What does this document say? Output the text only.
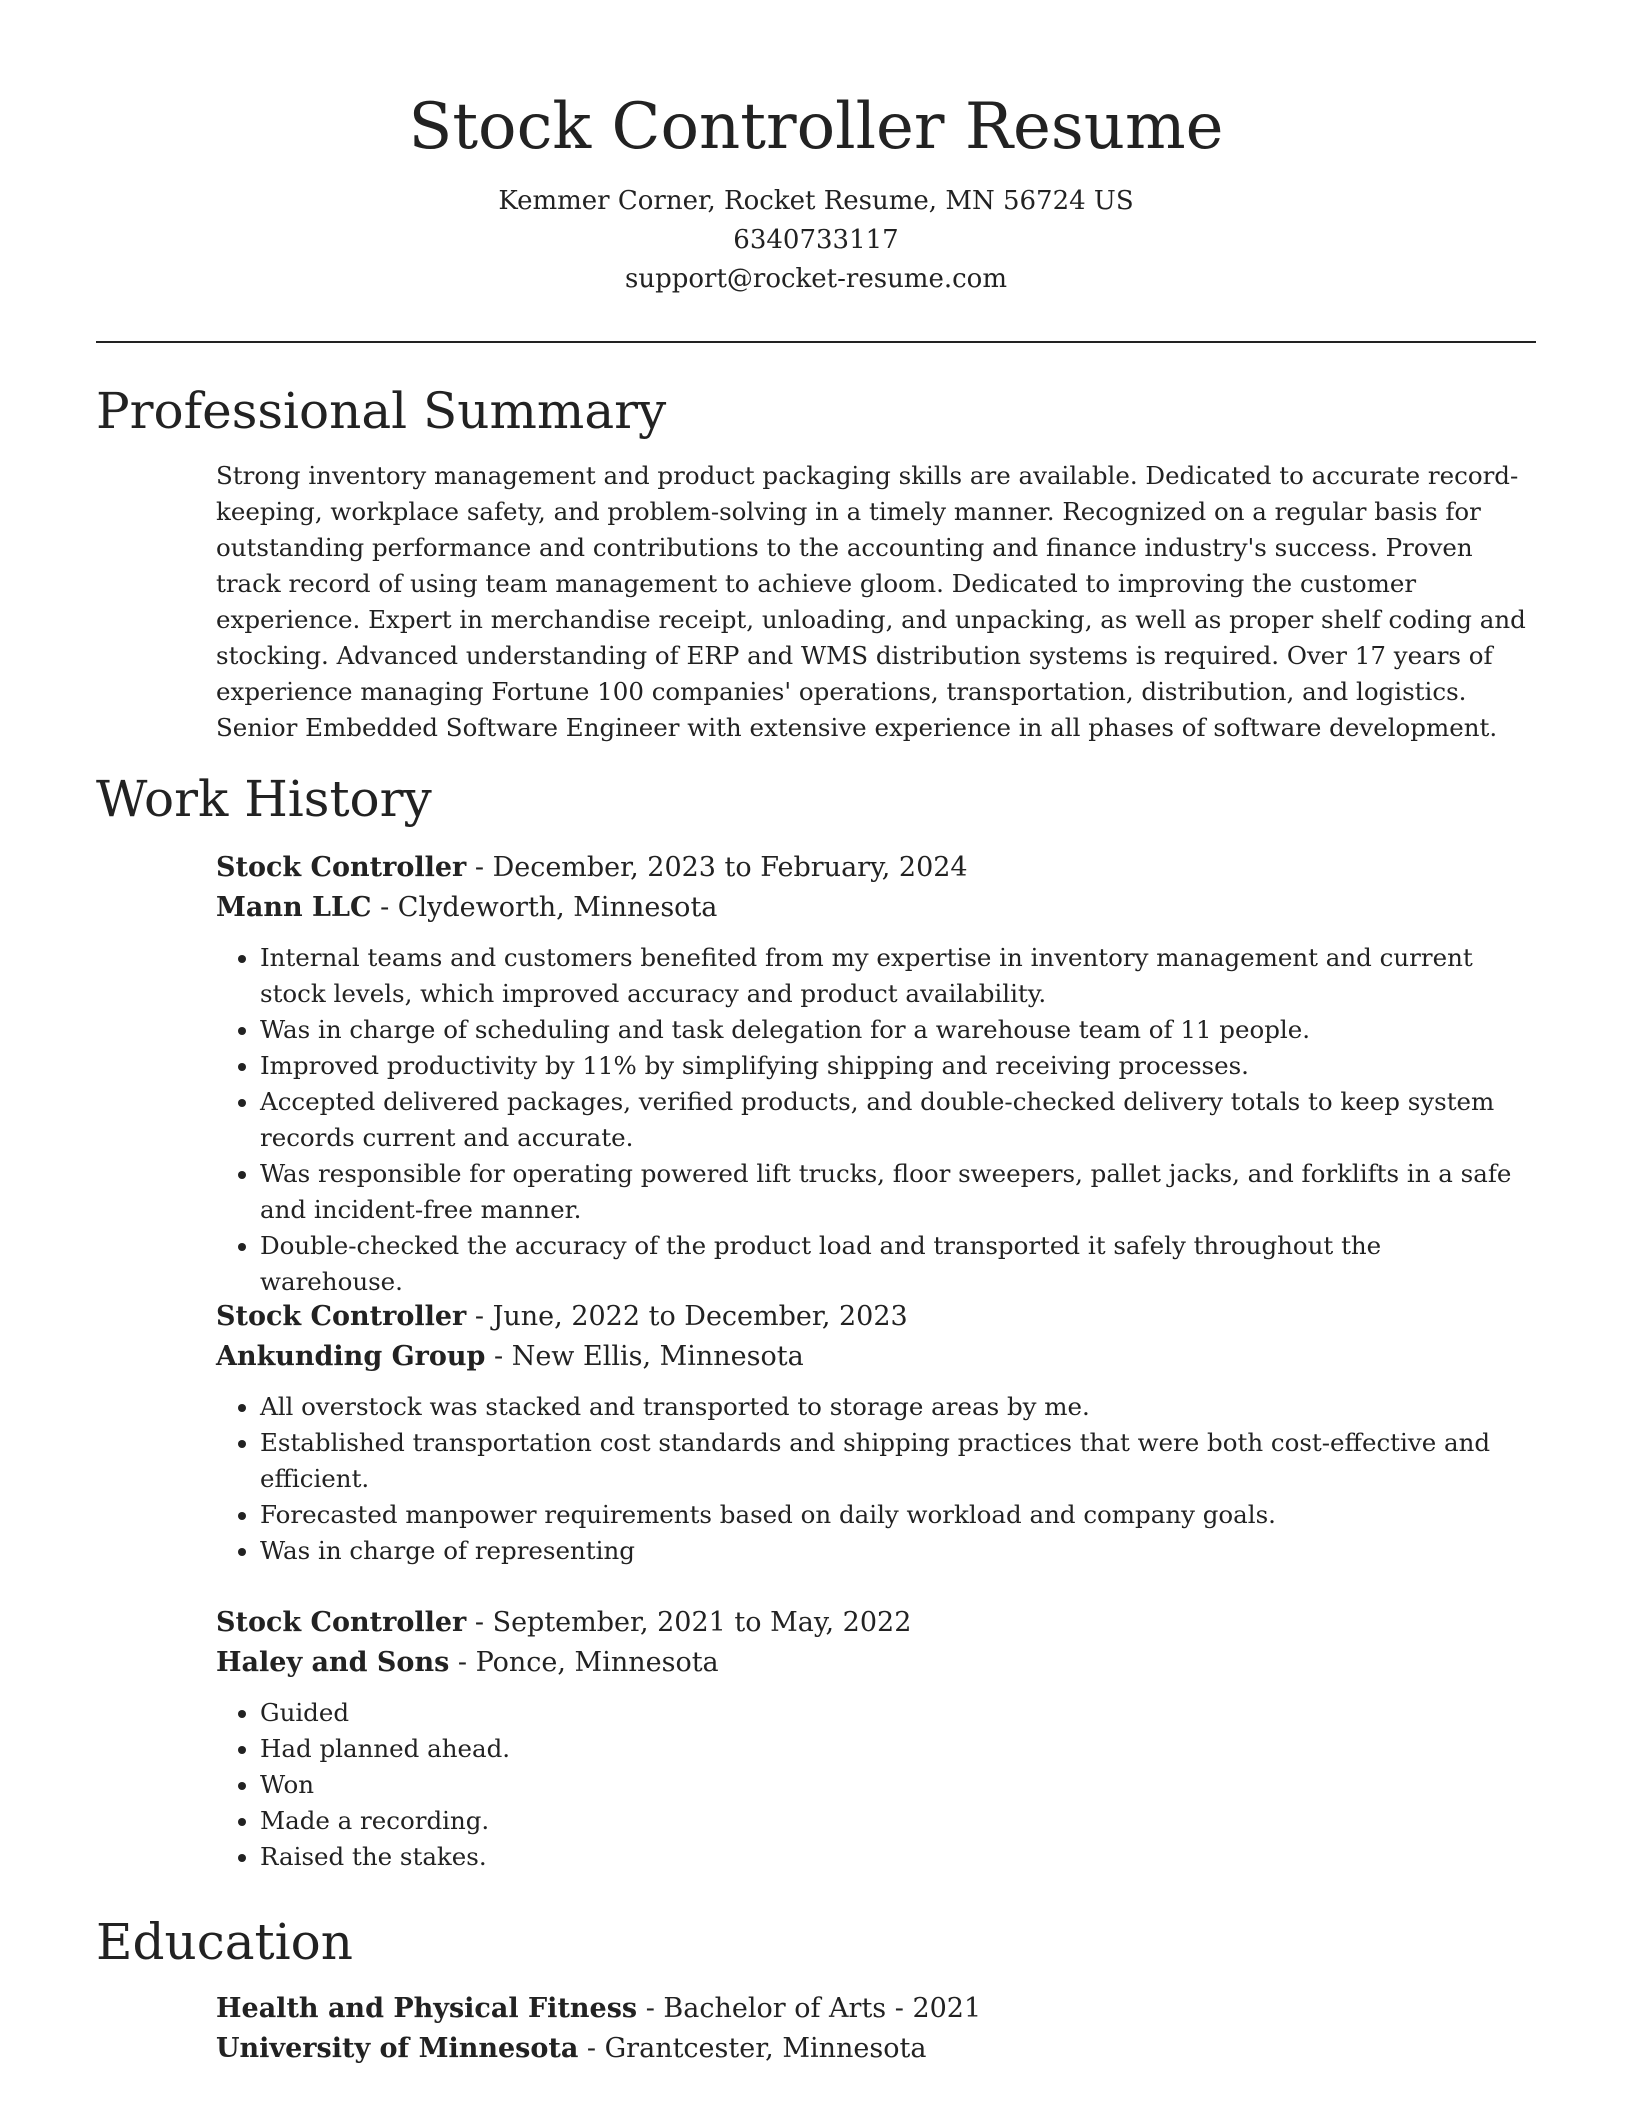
Stock Controller Resume
Kemmer Corner, Rocket Resume, MN 56724 US
6340733117
support@rocket-resume.com
Professional Summary

Strong inventory management and product packaging skills are available. Dedicated to accurate record-keeping, workplace safety, and problem-solving in a timely manner. Recognized on a regular basis for outstanding performance and contributions to the accounting and finance industry's success. Proven track record of using team management to achieve gloom. Dedicated to improving the customer experience. Expert in merchandise receipt, unloading, and unpacking, as well as proper shelf coding and stocking. Advanced understanding of ERP and WMS distribution systems is required. Over 17 years of experience managing Fortune 100 companies' operations, transportation, distribution, and logistics. Senior Embedded Software Engineer with extensive experience in all phases of software development.

Work History
Stock Controller - December, 2023 to February, 2024
Mann LLC - Clydeworth, Minnesota
• Internal teams and customers benefited from my expertise in inventory management and current stock levels, which improved accuracy and product availability.
• Was in charge of scheduling and task delegation for a warehouse team of 11 people.
• Improved productivity by 11% by simplifying shipping and receiving processes.
• Accepted delivered packages, verified products, and double-checked delivery totals to keep system records current and accurate.
• Was responsible for operating powered lift trucks, floor sweepers, pallet jacks, and forklifts in a safe and incident-free manner.
• Double-checked the accuracy of the product load and transported it safely throughout the warehouse.
Stock Controller - June, 2022 to December, 2023
Ankunding Group - New Ellis, Minnesota
• All overstock was stacked and transported to storage areas by me.
• Established transportation cost standards and shipping practices that were both cost-effective and efficient.
• Forecasted manpower requirements based on daily workload and company goals.
• Was in charge of representing
Stock Controller - September, 2021 to May, 2022
Haley and Sons - Ponce, Minnesota
• Guided
• Had planned ahead.
• Won
• Made a recording.
• Raised the stakes.
Education
Health and Physical Fitness - Bachelor of Arts - 2021
University of Minnesota - Grantcester, Minnesota
